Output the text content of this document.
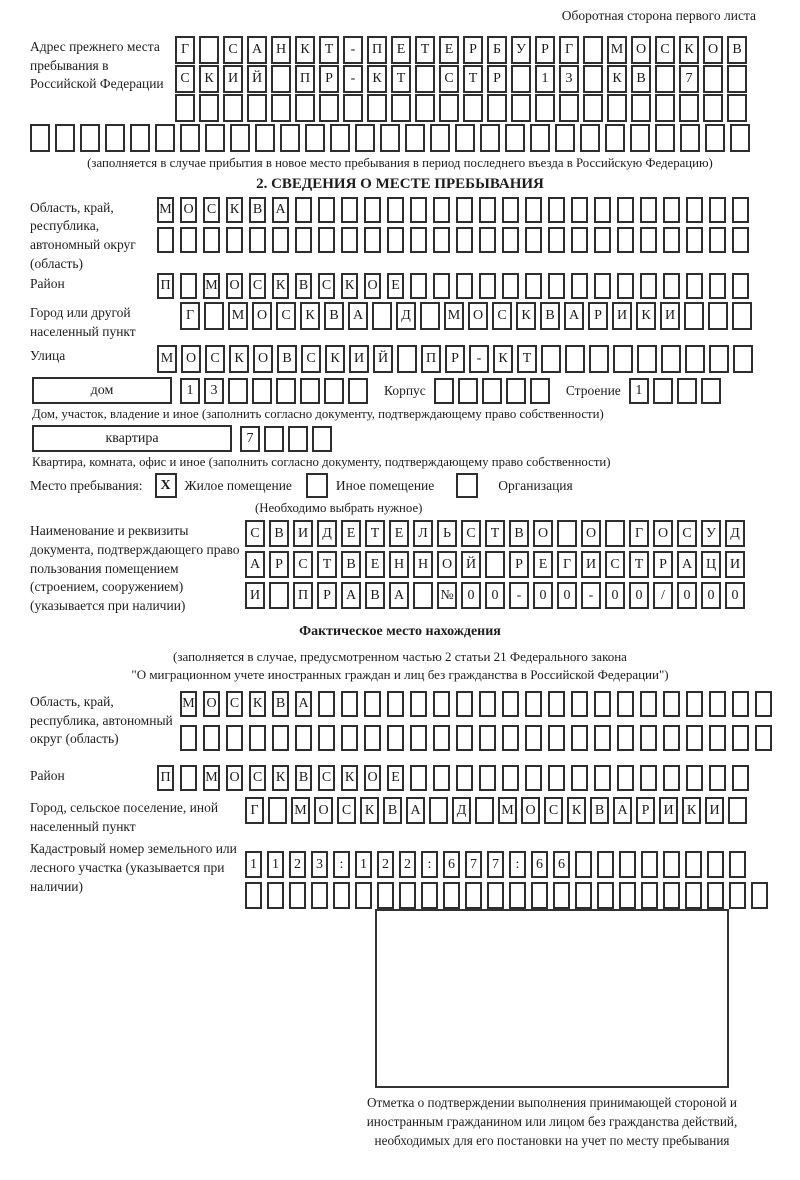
Оборотная сторона первого листа
Адрес прежнего места пребывания в Российской Федерации
Г	С	А Н	К	Т	-	П	Е	Т	Е	Р	Б	У	Р	Г	М О	С	К	О	В
С	К	И Й	П	Р	-	К	Т	С	Т	Р	1	3	К	В	7
(заполняется в случае прибытия в новое место пребывания в период последнего въезда в Российскую Федерацию)
2. СВЕДЕНИЯ О МЕСТЕ ПРЕБЫВАНИЯ
Область, край, республика, автономный округ (область)
М О С К В А
Район	П М О С К В С К О Е
Город или другой населенный пункт
Г	М О	С	К	В	А	Д	М О	С	К	В	А	Р	И	К	И
Улица	М О	С	К	О	В	С	К	И Й	П	Р	-	К	Т
дом	1	3	Корпус	Строение	1
Дом, участок, владение и иное (заполнить согласно документу, подтверждающему право собственности)
квартира	7
Квартира, комната, офис и иное (заполнить согласно документу, подтверждающему право собственности)
Место пребывания:	X	Жилое помещение	Иное помещение	Организация
(Необходимо выбрать нужное)
Наименование и реквизиты документа, подтверждающего право пользования помещением (строением, сооружением) (указывается при наличии)
С	В	И	Д	Е	Т	Е	Л	Ь	С	Т	В	О	О	Г	О	С	У	Д
А	Р	С	Т	В	Е	Н Н О Й	Р	Е	Г	И	С	Т	Р	А Ц И
И	П	Р	А	В	А	№ 0	0	-	0	0	-	0	0	/	0	0	0
Фактическое место нахождения
(заполняется в случае, предусмотренном частью 2 статьи 21 Федерального закона
"О миграционном учете иностранных граждан и лиц без гражданства в Российской Федерации")
Область, край, республика, автономный округ (область)
М О С К В А
Район	П М О С К В С К О Е
Город, сельское поселение, иной населенный пункт
Г	М О С К В А	Д	М О С К В А	Р	И К И
Кадастровый номер земельного или лесного участка (указывается при наличии)
1	1	2	3	:	1	2	2	:	6	7	7	:	6	6
Отметка о подтверждении выполнения принимающей стороной и иностранным гражданином или лицом без гражданства действий, необходимых для его постановки на учет по месту пребывания
